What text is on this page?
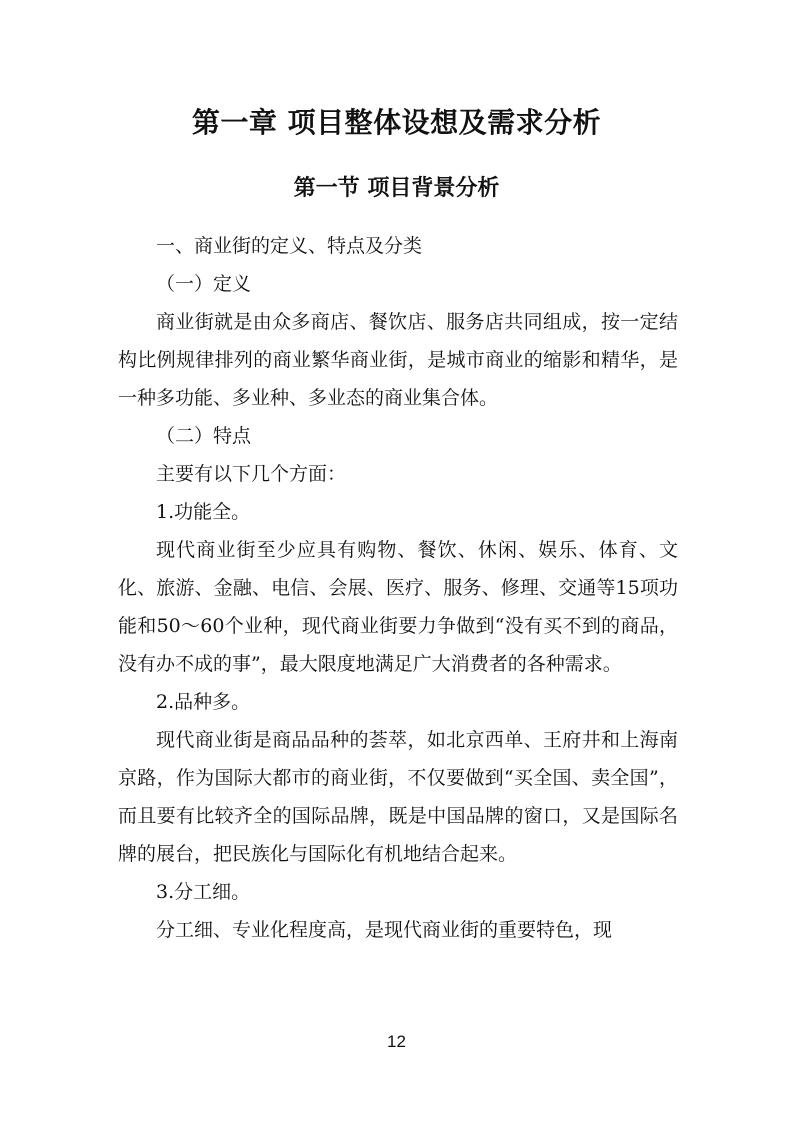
第一章 项目整体设想及需求分析
第一节 项目背景分析

一、商业街的定义、特点及分类

（一）定义

商业街就是由众多商店、餐饮店、服务店共同组成，按一定结构比例规律排列的商业繁华商业街，是城市商业的缩影和精华，是一种多功能、多业种、多业态的商业集合体。

（二）特点

主要有以下几个方面：

1.功能全。

现代商业街至少应具有购物、餐饮、休闲、娱乐、体育、文化、旅游、金融、电信、会展、医疗、服务、修理、交通等15项功能和50～60个业种，现代商业街要力争做到“没有买不到的商品，没有办不成的事”，最大限度地满足广大消费者的各种需求。

2.品种多。

现代商业街是商品品种的荟萃，如北京西单、王府井和上海南京路，作为国际大都市的商业街，不仅要做到“买全国、卖全国”，而且要有比较齐全的国际品牌，既是中国品牌的窗口，又是国际名牌的展台，把民族化与国际化有机地结合起来。

3.分工细。

分工细、专业化程度高，是现代商业街的重要特色，现

12
